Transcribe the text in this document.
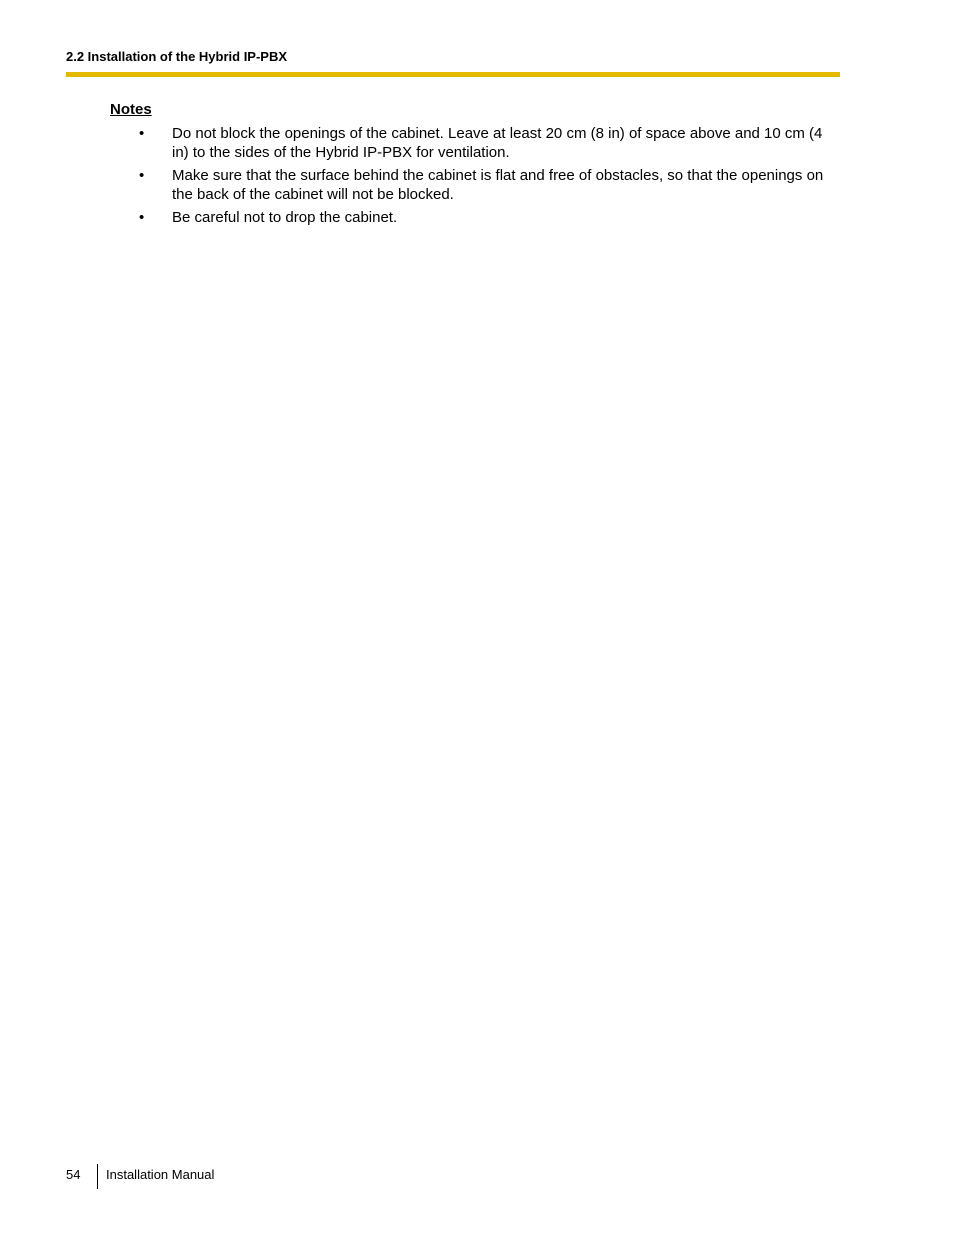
2.2 Installation of the Hybrid IP-PBX
Notes
• Do not block the openings of the cabinet. Leave at least 20 cm (8 in) of space above and 10 cm (4 in) to the sides of the Hybrid IP-PBX for ventilation.
• Make sure that the surface behind the cabinet is flat and free of obstacles, so that the openings on the back of the cabinet will not be blocked.
• Be careful not to drop the cabinet.
54 Installation Manual
